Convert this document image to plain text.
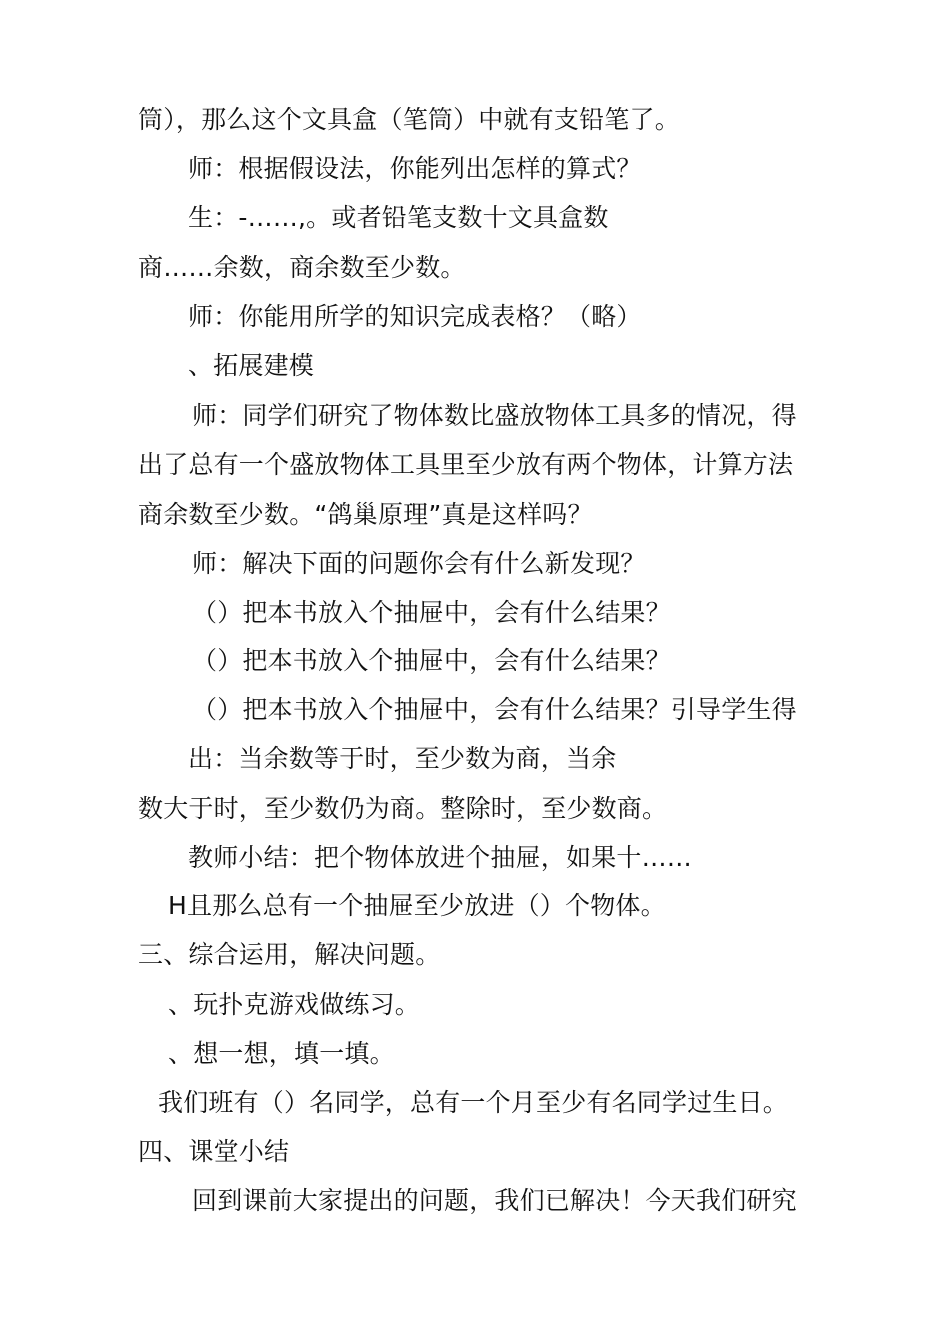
筒），那么这个文具盒（笔筒）中就有支铅笔了。
师：根据假设法，你能列出怎样的算式？
生：-……,。或者铅笔支数十文具盒数
商……余数，商余数至少数。
师：你能用所学的知识完成表格？（略）
、拓展建模
师：同学们研究了物体数比盛放物体工具多的情况，得
出了总有一个盛放物体工具里至少放有两个物体，计算方法
商余数至少数。“鸽巢原理”真是这样吗？
师：解决下面的问题你会有什么新发现？
（）把本书放入个抽屉中，会有什么结果？
（）把本书放入个抽屉中，会有什么结果？
（）把本书放入个抽屉中，会有什么结果？引导学生得
出：当余数等于时，至少数为商，当余
数大于时，至少数仍为商。整除时，至少数商。
教师小结：把个物体放进个抽屉，如果十……
H且那么总有一个抽屉至少放进（）个物体。
三、综合运用，解决问题。
、玩扑克游戏做练习。
、想一想，填一填。
我们班有（）名同学，总有一个月至少有名同学过生日。
四、课堂小结
回到课前大家提出的问题，我们已解决！今天我们研究
